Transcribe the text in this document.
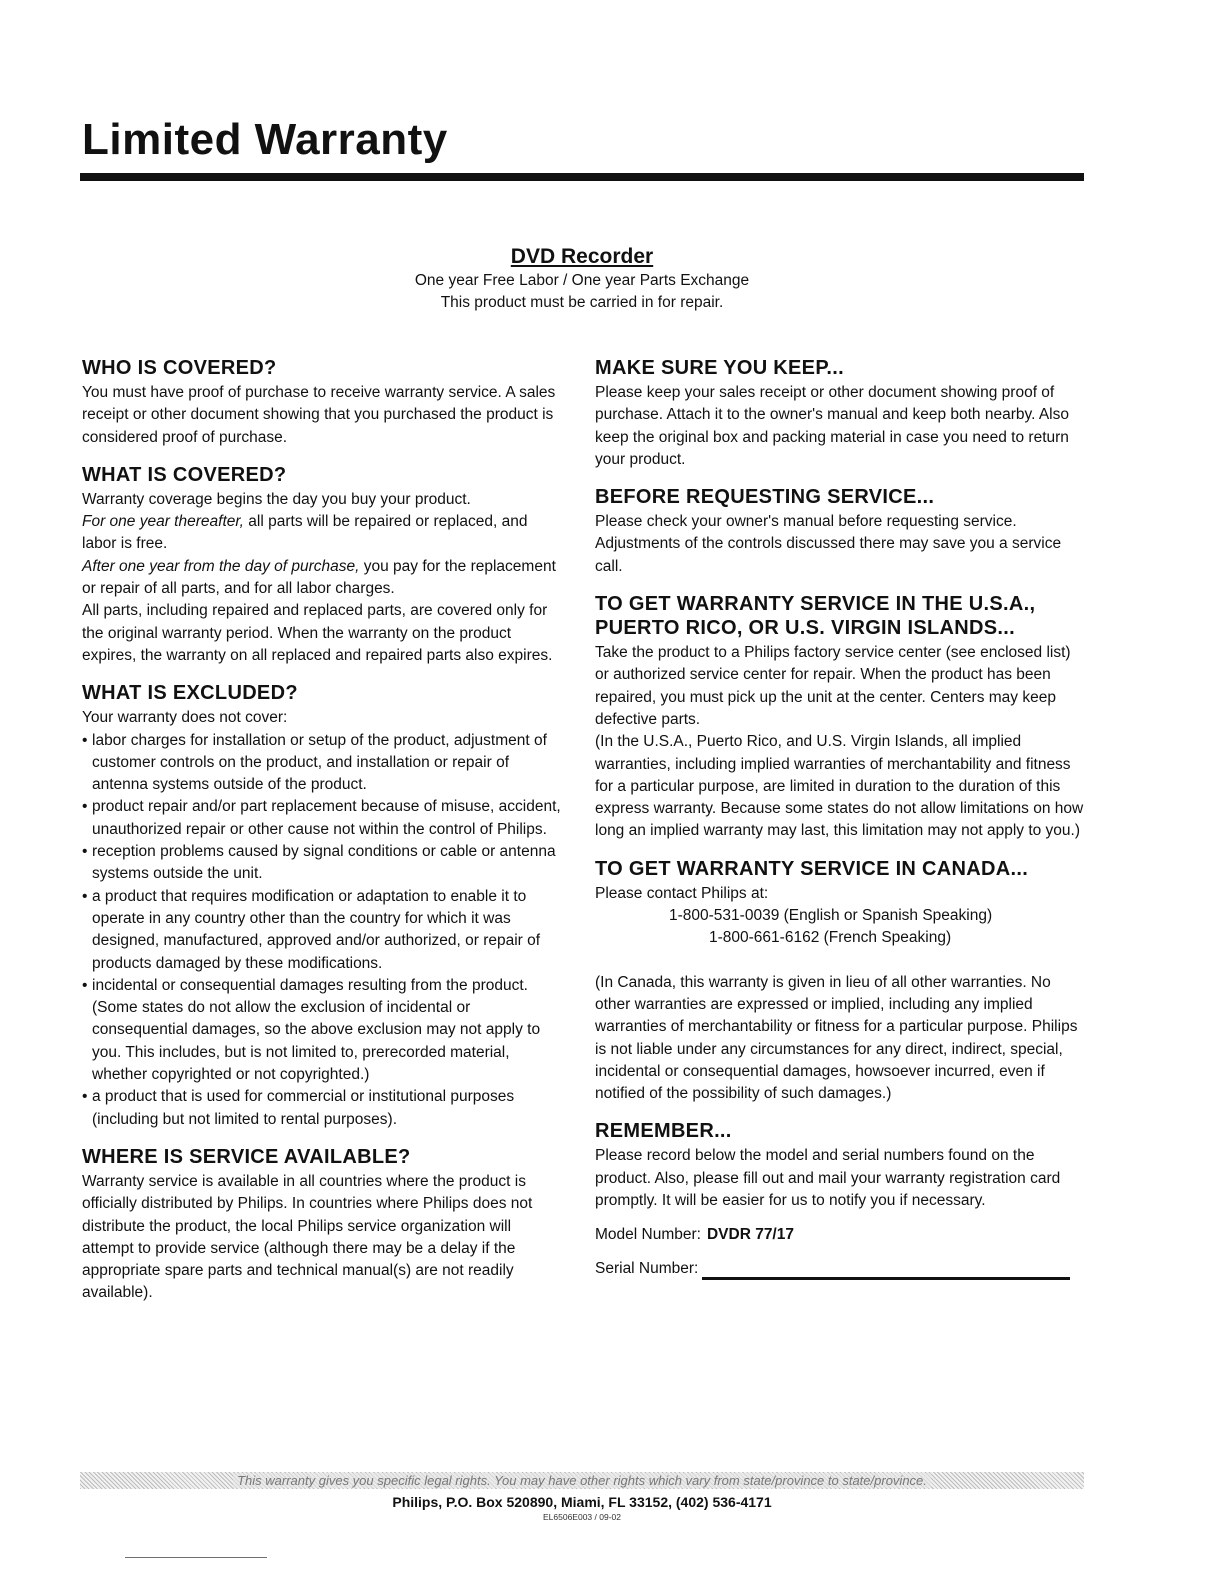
Limited Warranty
DVD Recorder
One year Free Labor / One year Parts Exchange
This product must be carried in for repair.
WHO IS COVERED?

You must have proof of purchase to receive warranty service. A sales receipt or other document showing that you purchased the product is considered proof of purchase.

WHAT IS COVERED?

Warranty coverage begins the day you buy your product.

For one year thereafter, all parts will be repaired or replaced, and labor is free.

After one year from the day of purchase, you pay for the replacement or repair of all parts, and for all labor charges.

All parts, including repaired and replaced parts, are covered only for the original warranty period. When the warranty on the product expires, the warranty on all replaced and repaired parts also expires.

WHAT IS EXCLUDED?

Your warranty does not cover:

• labor charges for installation or setup of the product, adjustment of customer controls on the product, and installation or repair of antenna systems outside of the product.
• product repair and/or part replacement because of misuse, accident, unauthorized repair or other cause not within the control of Philips.
• reception problems caused by signal conditions or cable or antenna systems outside the unit.
• a product that requires modification or adaptation to enable it to operate in any country other than the country for which it was designed, manufactured, approved and/or authorized, or repair of products damaged by these modifications.
• incidental or consequential damages resulting from the product. (Some states do not allow the exclusion of incidental or consequential damages, so the above exclusion may not apply to you. This includes, but is not limited to, prerecorded material, whether copyrighted or not copyrighted.)
• a product that is used for commercial or institutional purposes (including but not limited to rental purposes).
WHERE IS SERVICE AVAILABLE?

Warranty service is available in all countries where the product is officially distributed by Philips. In countries where Philips does not distribute the product, the local Philips service organization will attempt to provide service (although there may be a delay if the appropriate spare parts and technical manual(s) are not readily available).

MAKE SURE YOU KEEP...

Please keep your sales receipt or other document showing proof of purchase. Attach it to the owner's manual and keep both nearby. Also keep the original box and packing material in case you need to return your product.

BEFORE REQUESTING SERVICE...

Please check your owner's manual before requesting service. Adjustments of the controls discussed there may save you a service call.

TO GET WARRANTY SERVICE IN THE U.S.A., PUERTO RICO, OR U.S. VIRGIN ISLANDS...

Take the product to a Philips factory service center (see enclosed list) or authorized service center for repair. When the product has been repaired, you must pick up the unit at the center. Centers may keep defective parts.

(In the U.S.A., Puerto Rico, and U.S. Virgin Islands, all implied warranties, including implied warranties of merchantability and fitness for a particular purpose, are limited in duration to the duration of this express warranty. Because some states do not allow limitations on how long an implied warranty may last, this limitation may not apply to you.)

TO GET WARRANTY SERVICE IN CANADA...

Please contact Philips at:

1-800-531-0039 (English or Spanish Speaking)
1-800-661-6162 (French Speaking)

(In Canada, this warranty is given in lieu of all other warranties. No other warranties are expressed or implied, including any implied warranties of merchantability or fitness for a particular purpose. Philips is not liable under any circumstances for any direct, indirect, special, incidental or consequential damages, howsoever incurred, even if notified of the possibility of such damages.)

REMEMBER...

Please record below the model and serial numbers found on the product. Also, please fill out and mail your warranty registration card promptly. It will be easier for us to notify you if necessary.

Model Number: DVDR 77/17
Serial Number:
This warranty gives you specific legal rights. You may have other rights which vary from state/province to state/province.
Philips, P.O. Box 520890, Miami, FL 33152, (402) 536-4171
EL6506E003 / 09-02
